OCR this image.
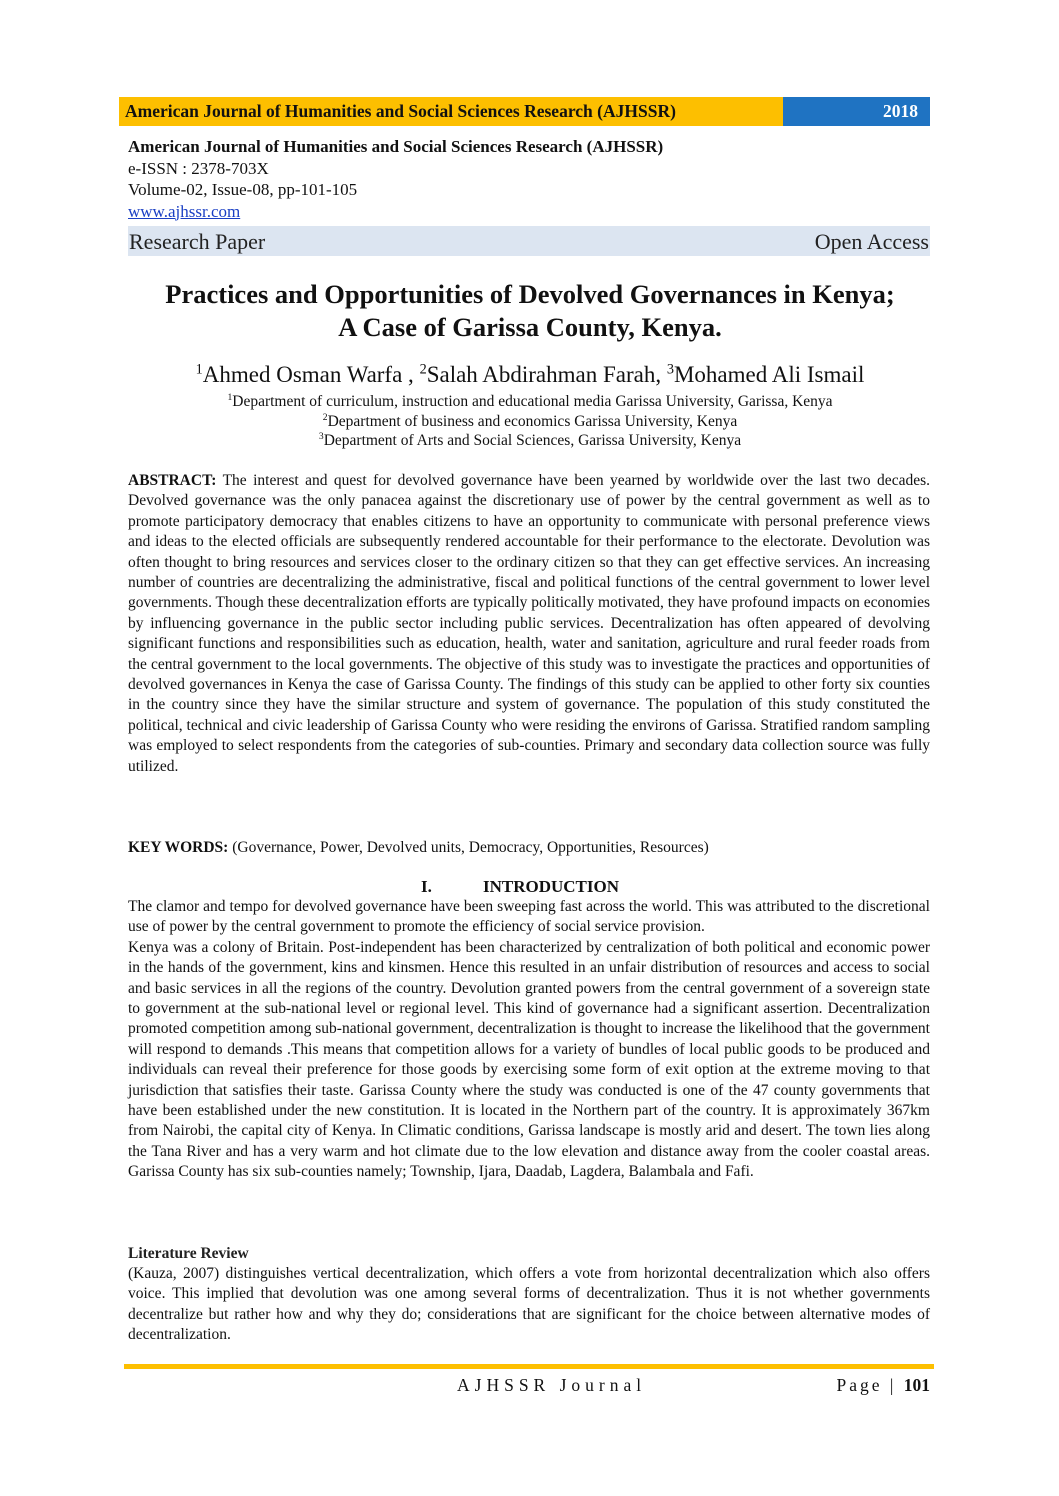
American Journal of Humanities and Social Sciences Research (AJHSSR)	2018
American Journal of Humanities and Social Sciences Research (AJHSSR)
e-ISSN : 2378-703X
Volume-02, Issue-08, pp-101-105
www.ajhssr.com
Research Paper	Open Access
Practices and Opportunities of Devolved Governances in Kenya;
A Case of Garissa County, Kenya.
$^1$Ahmed Osman Warfa , $^2$Salah Abdirahman Farah, $^3$Mohamed Ali Ismail
$^1$Department of curriculum, instruction and educational media Garissa University, Garissa, Kenya
$^2$Department of business and economics Garissa University, Kenya
$^3$Department of Arts and Social Sciences, Garissa University, Kenya
ABSTRACT: The interest and quest for devolved governance have been yearned by worldwide over the last two decades. Devolved governance was the only panacea against the discretionary use of power by the central government as well as to promote participatory democracy that enables citizens to have an opportunity to communicate with personal preference views and ideas to the elected officials are subsequently rendered accountable for their performance to the electorate. Devolution was often thought to bring resources and services closer to the ordinary citizen so that they can get effective services. An increasing number of countries are decentralizing the administrative, fiscal and political functions of the central government to lower level governments. Though these decentralization efforts are typically politically motivated, they have profound impacts on economies by influencing governance in the public sector including public services. Decentralization has often appeared of devolving significant functions and responsibilities such as education, health, water and sanitation, agriculture and rural feeder roads from the central government to the local governments. The objective of this study was to investigate the practices and opportunities of devolved governances in Kenya the case of Garissa County. The findings of this study can be applied to other forty six counties in the country since they have the similar structure and system of governance. The population of this study constituted the political, technical and civic leadership of Garissa County who were residing the environs of Garissa. Stratified random sampling was employed to select respondents from the categories of sub-counties. Primary and secondary data collection source was fully utilized.
KEY WORDS: (Governance, Power, Devolved units, Democracy, Opportunities, Resources)
I.	INTRODUCTION

The clamor and tempo for devolved governance have been sweeping fast across the world. This was attributed to the discretional use of power by the central government to promote the efficiency of social service provision.

Kenya was a colony of Britain. Post-independent has been characterized by centralization of both political and economic power in the hands of the government, kins and kinsmen. Hence this resulted in an unfair distribution of resources and access to social and basic services in all the regions of the country. Devolution granted powers from the central government of a sovereign state to government at the sub-national level or regional level. This kind of governance had a significant assertion. Decentralization promoted competition among sub-national government, decentralization is thought to increase the likelihood that the government will respond to demands .This means that competition allows for a variety of bundles of local public goods to be produced and individuals can reveal their preference for those goods by exercising some form of exit option at the extreme moving to that jurisdiction that satisfies their taste. Garissa County where the study was conducted is one of the 47 county governments that have been established under the new constitution. It is located in the Northern part of the country. It is approximately 367km from Nairobi, the capital city of Kenya. In Climatic conditions, Garissa landscape is mostly arid and desert. The town lies along the Tana River and has a very warm and hot climate due to the low elevation and distance away from the cooler coastal areas. Garissa County has six sub-counties namely; Township, Ijara, Daadab, Lagdera, Balambala and Fafi.

Literature Review
(Kauza, 2007) distinguishes vertical decentralization, which offers a vote from horizontal decentralization which also offers voice. This implied that devolution was one among several forms of decentralization. Thus it is not whether governments decentralize but rather how and why they do; considerations that are significant for the choice between alternative modes of decentralization.
AJHSSR Journal	Page | 101
